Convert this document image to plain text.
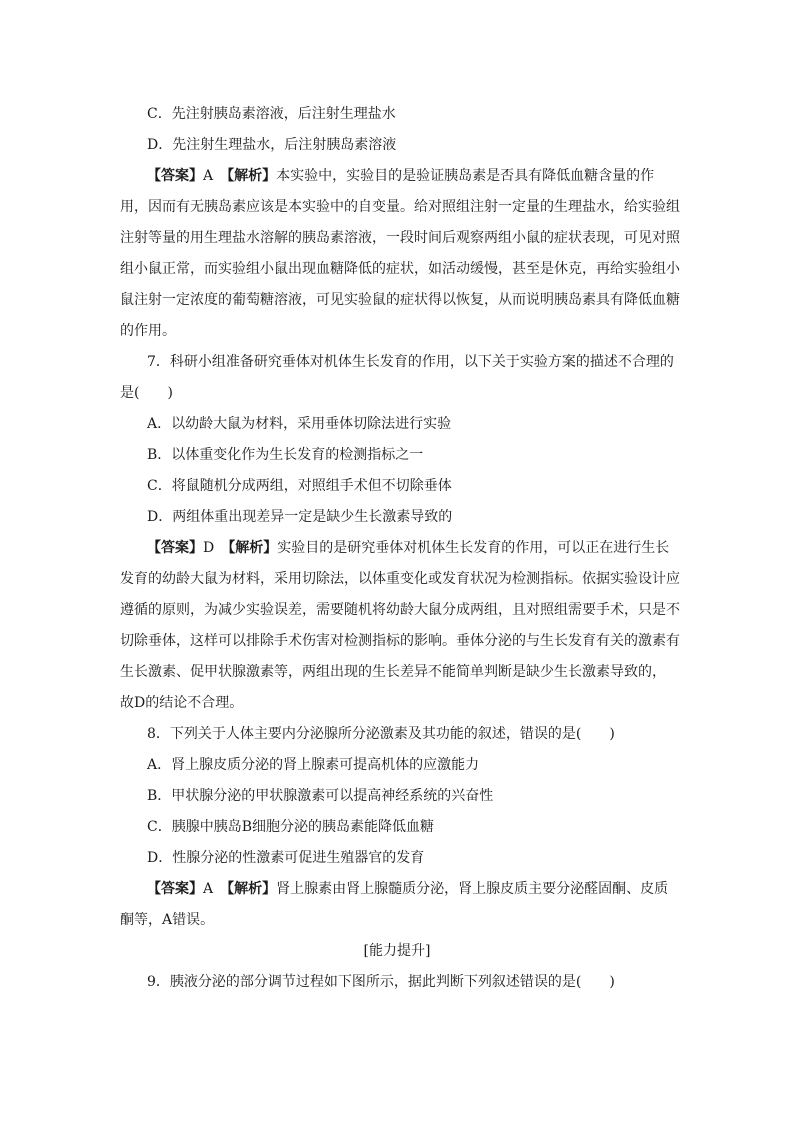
C．先注射胰岛素溶液，后注射生理盐水
D．先注射生理盐水，后注射胰岛素溶液
【答案】A　 【解析】本实验中，实验目的是验证胰岛素是否具有降低血糖含量的作
用，因而有无胰岛素应该是本实验中的自变量。给对照组注射一定量的生理盐水，给实验组
注射等量的用生理盐水溶解的胰岛素溶液，一段时间后观察两组小鼠的症状表现，可见对照
组小鼠正常，而实验组小鼠出现血糖降低的症状，如活动缓慢，甚至是休克，再给实验组小
鼠注射一定浓度的葡萄糖溶液，可见实验鼠的症状得以恢复，从而说明胰岛素具有降低血糖
的作用。
7．科研小组准备研究垂体对机体生长发育的作用，以下关于实验方案的描述不合理的
是(　　)
A．以幼龄大鼠为材料，采用垂体切除法进行实验
B．以体重变化作为生长发育的检测指标之一
C．将鼠随机分成两组，对照组手术但不切除垂体
D．两组体重出现差异一定是缺少生长激素导致的
【答案】D　 【解析】实验目的是研究垂体对机体生长发育的作用，可以正在进行生长
发育的幼龄大鼠为材料，采用切除法，以体重变化或发育状况为检测指标。依据实验设计应
遵循的原则，为减少实验误差，需要随机将幼龄大鼠分成两组，且对照组需要手术，只是不
切除垂体，这样可以排除手术伤害对检测指标的影响。垂体分泌的与生长发育有关的激素有
生长激素、促甲状腺激素等，两组出现的生长差异不能简单判断是缺少生长激素导致的，
故D的结论不合理。
8．下列关于人体主要内分泌腺所分泌激素及其功能的叙述，错误的是(　　)
A．肾上腺皮质分泌的肾上腺素可提高机体的应激能力
B．甲状腺分泌的甲状腺激素可以提高神经系统的兴奋性
C．胰腺中胰岛B细胞分泌的胰岛素能降低血糖
D．性腺分泌的性激素可促进生殖器官的发育
【答案】A　 【解析】肾上腺素由肾上腺髓质分泌，肾上腺皮质主要分泌醛固酮、皮质
酮等，A错误。
[能力提升]
9．胰液分泌的部分调节过程如下图所示，据此判断下列叙述错误的是(　　)
